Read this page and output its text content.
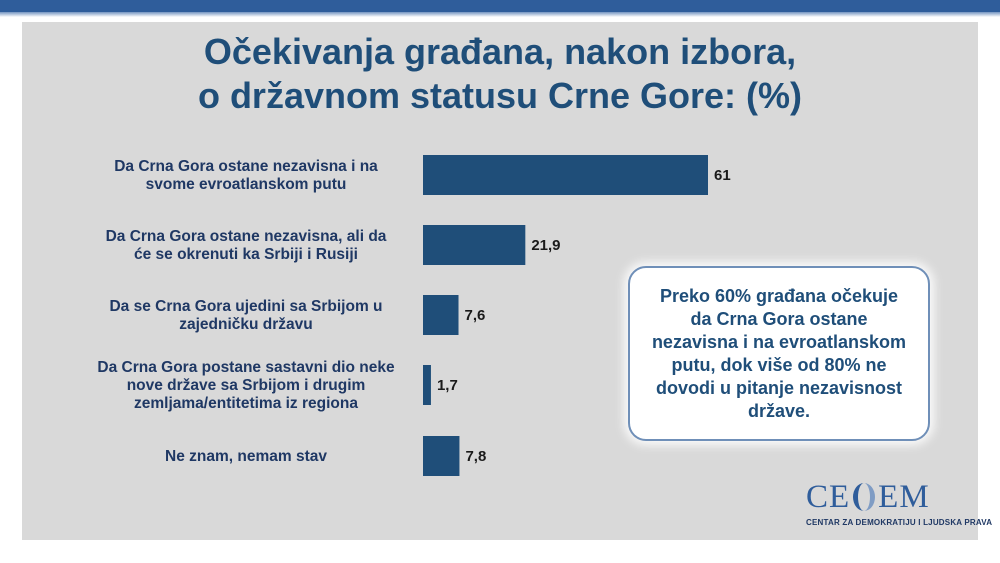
Očekivanja građana, nakon izbora,
o državnom statusu Crne Gore: (%)
61
Da Crna Gora ostane nezavisna i na
svome evroatlanskom putu
21,9
Da Crna Gora ostane nezavisna, ali da
će se okrenuti ka Srbiji i Rusiji
7,6
Da se Crna Gora ujedini sa Srbijom u
zajedničku državu
1,7
Da Crna Gora postane sastavni dio neke
nove države sa Srbijom i drugim
zemljama/entitetima iz regiona
7,8
Ne znam, nemam stav

Preko 60% građana očekuje da Crna Gora ostane nezavisna i na evroatlanskom putu, dok više od 80% ne dovodi u pitanje nezavisnost države.

CE EM
CENTAR ZA DEMOKRATIJU I LJUDSKA PRAVA
